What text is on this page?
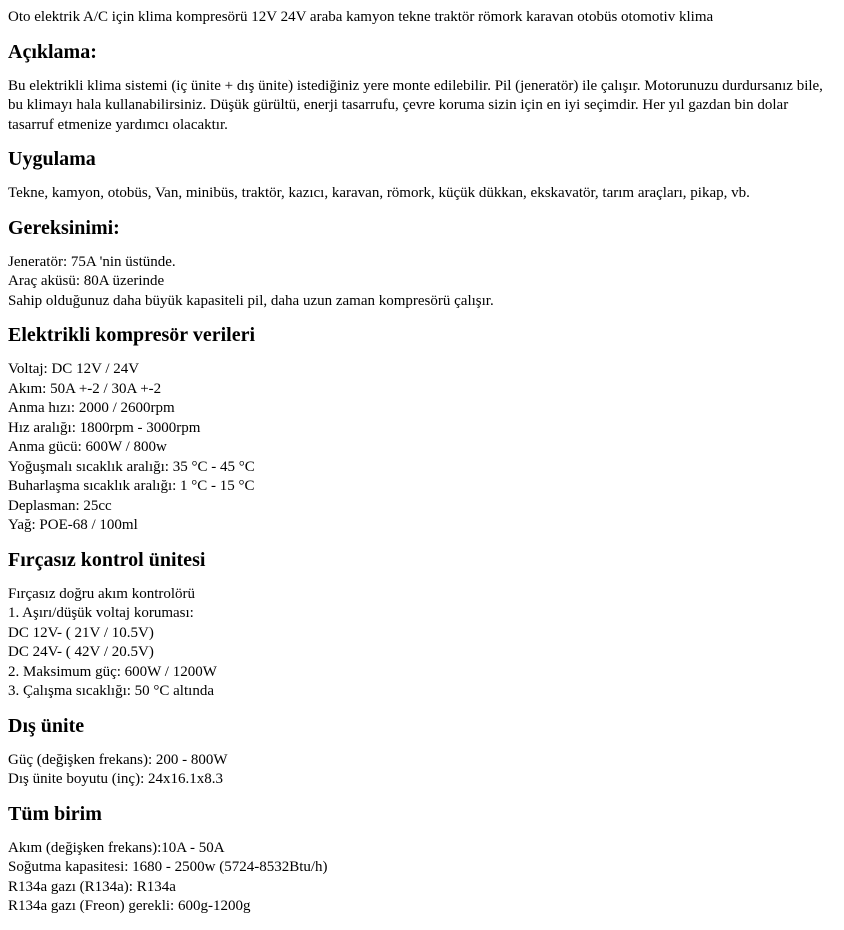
Oto elektrik A/C için klima kompresörü 12V 24V araba kamyon tekne traktör römork karavan otobüs otomotiv klima

Açıklama:

Bu elektrikli klima sistemi (iç ünite + dış ünite) istediğiniz yere monte edilebilir. Pil (jeneratör) ile çalışır. Motorunuzu durdursanız bile, bu klimayı hala kullanabilirsiniz. Düşük gürültü, enerji tasarrufu, çevre koruma sizin için en iyi seçimdir. Her yıl gazdan bin dolar tasarruf etmenize yardımcı olacaktır.

Uygulama

Tekne, kamyon, otobüs, Van, minibüs, traktör, kazıcı, karavan, römork, küçük dükkan, ekskavatör, tarım araçları, pikap, vb.

Gereksinimi:

Jeneratör: 75A 'nin üstünde.
Araç aküsü: 80A üzerinde
Sahip olduğunuz daha büyük kapasiteli pil, daha uzun zaman kompresörü çalışır.

Elektrikli kompresör verileri

Voltaj: DC 12V / 24V
Akım: 50A +-2 / 30A +-2
Anma hızı: 2000 / 2600rpm
Hız aralığı: 1800rpm - 3000rpm
Anma gücü: 600W / 800w
Yoğuşmalı sıcaklık aralığı: 35 °C - 45 °C
Buharlaşma sıcaklık aralığı: 1 °C - 15 °C
Deplasman: 25cc
Yağ: POE-68 / 100ml

Fırçasız kontrol ünitesi

Fırçasız doğru akım kontrolörü
1. Aşırı/düşük voltaj koruması:
DC 12V- ( 21V / 10.5V)
DC 24V- ( 42V / 20.5V)
2. Maksimum güç: 600W / 1200W
3. Çalışma sıcaklığı: 50 °C altında

Dış ünite

Güç (değişken frekans): 200 - 800W
Dış ünite boyutu (inç): 24x16.1x8.3

Tüm birim

Akım (değişken frekans):10A - 50A
Soğutma kapasitesi: 1680 - 2500w (5724-8532Btu/h)
R134a gazı (R134a): R134a
R134a gazı (Freon) gerekli: 600g-1200g
